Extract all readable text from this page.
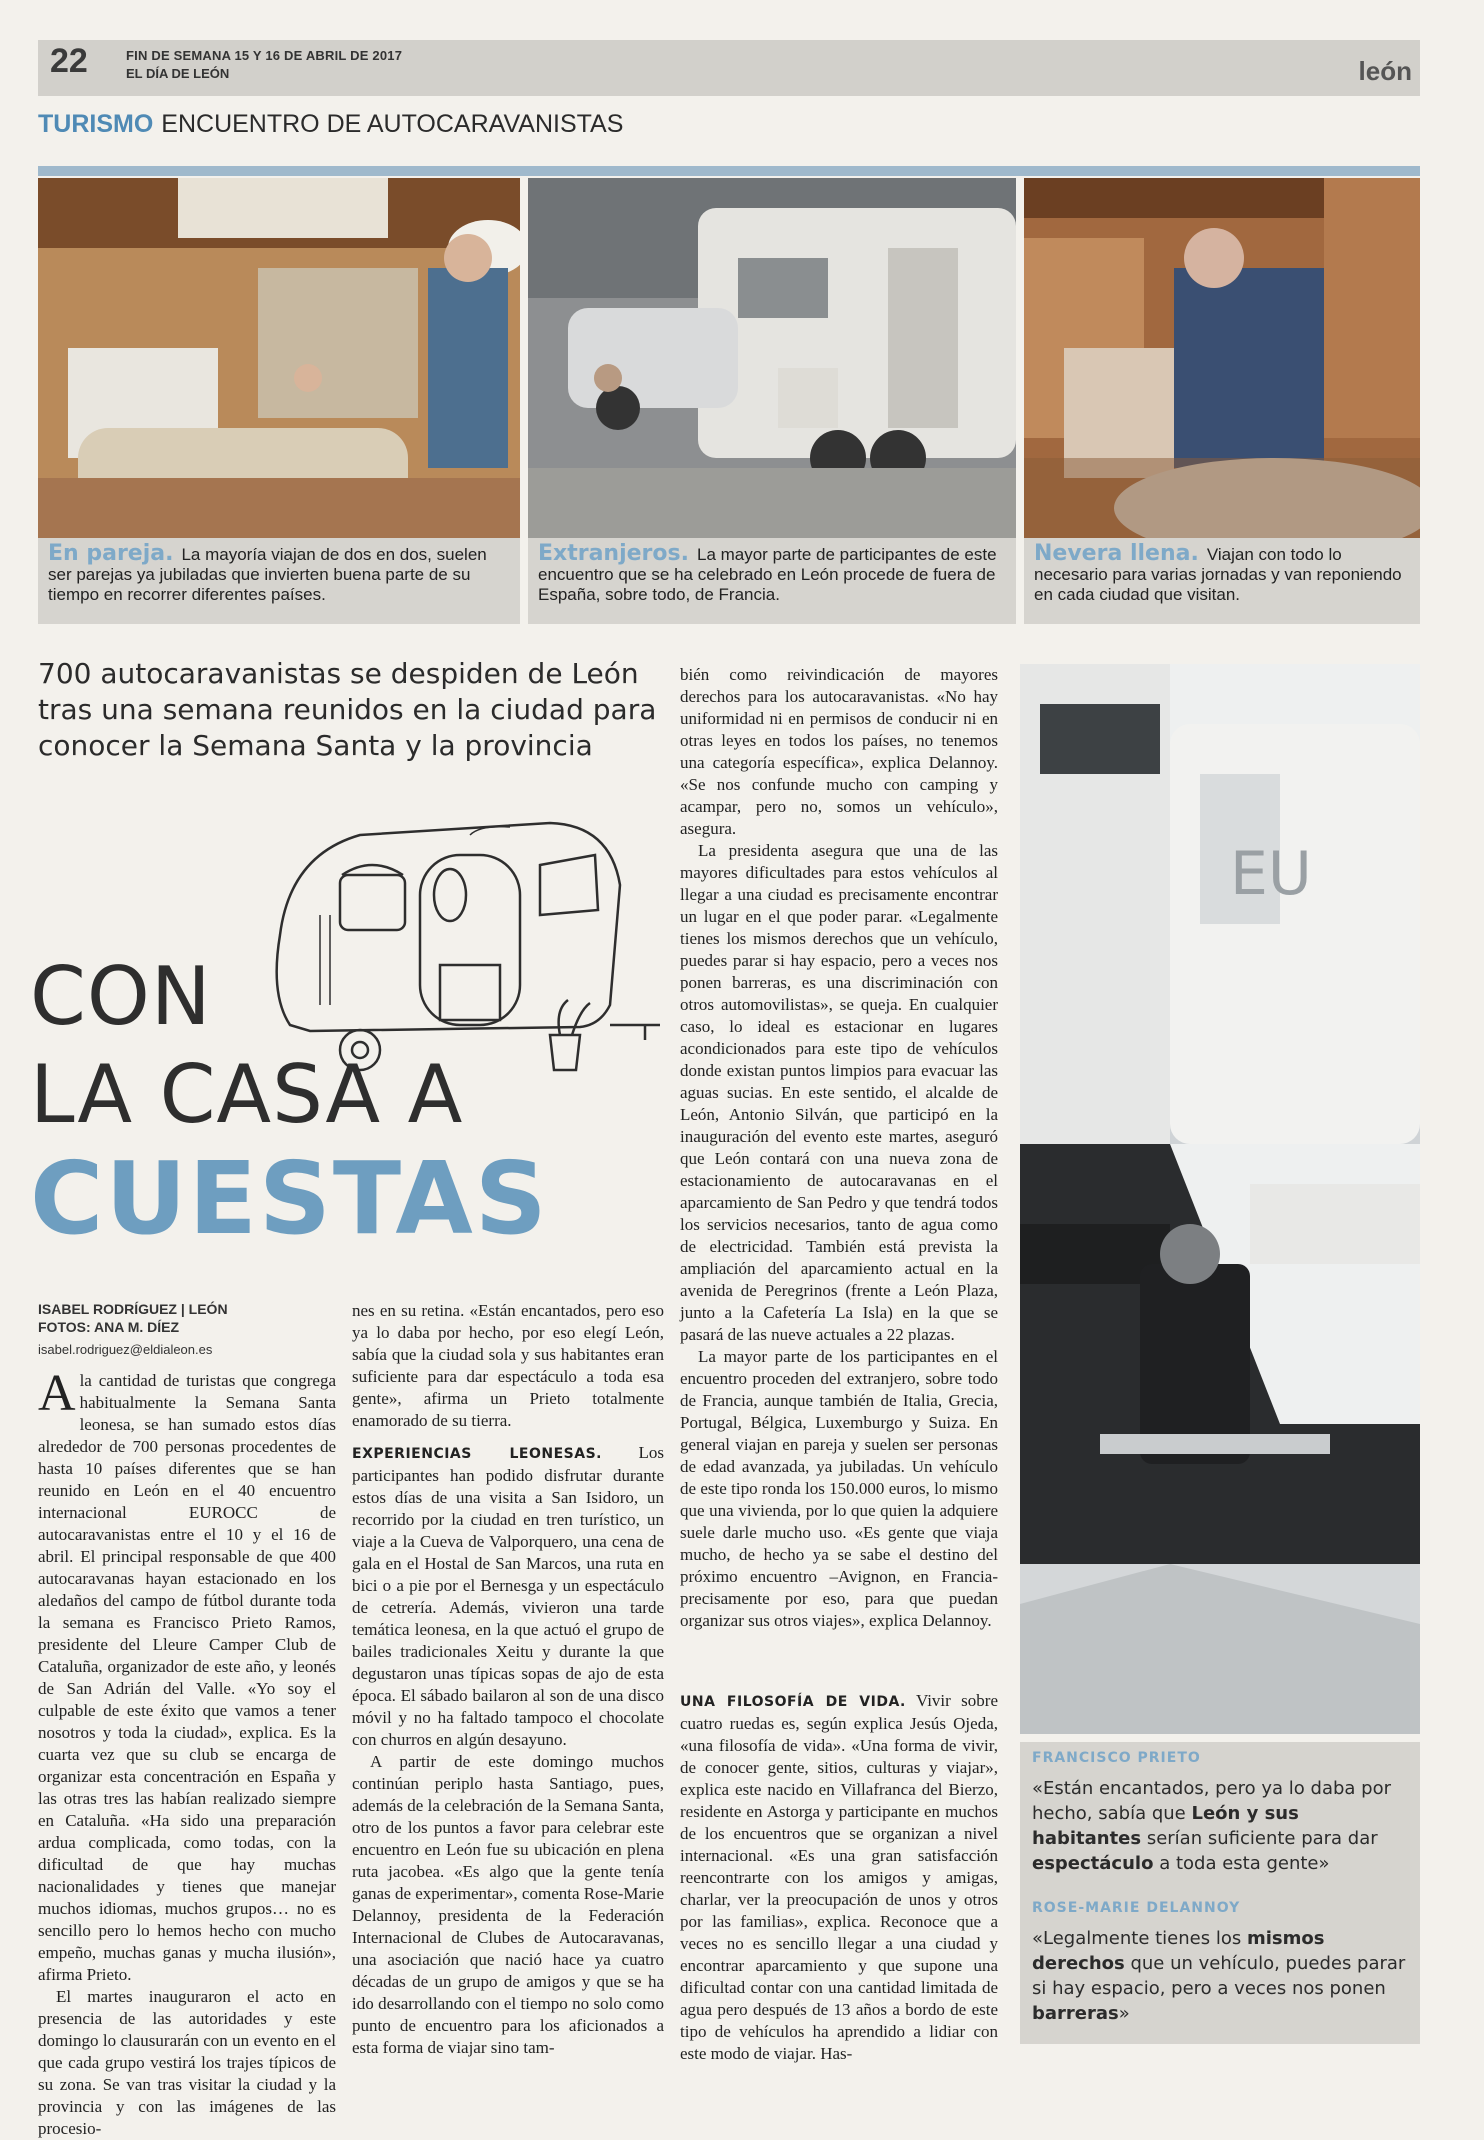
22	FIN DE SEMANA 15 Y 16 DE ABRIL DE 2017
EL DÍA DE LEÓN	león
TURISMO ENCUENTRO DE AUTOCARAVANISTAS
En pareja. La mayoría viajan de dos en dos, suelen ser parejas ya jubiladas que invierten buena parte de su tiempo en recorrer diferentes países.
Extranjeros. La mayor parte de participantes de este encuentro que se ha celebrado en León procede de fuera de España, sobre todo, de Francia.
Nevera llena. Viajan con todo lo necesario para varias jornadas y van reponiendo en cada ciudad que visitan.
700 autocaravanistas se despiden de León tras una semana reunidos en la ciudad para conocer la Semana Santa y la provincia
CON
LA CASA A
CUESTAS
ISABEL RODRÍGUEZ | LEÓN
FOTOS: ANA M. DÍEZ
isabel.rodriguez@eldialeon.es

Ala cantidad de turistas que congrega habitualmente la Semana Santa leonesa, se han sumado estos días alrededor de 700 personas procedentes de hasta 10 países diferentes que se han reunido en León en el 40 encuentro internacional EUROCC de autocaravanistas entre el 10 y el 16 de abril. El principal responsable de que 400 autocaravanas hayan estacionado en los aledaños del campo de fútbol durante toda la semana es Francisco Prieto Ramos, presidente del Lleure Camper Club de Cataluña, organizador de este año, y leonés de San Adrián del Valle. «Yo soy el culpable de este éxito que vamos a tener nosotros y toda la ciudad», explica. Es la cuarta vez que su club se encarga de organizar esta concentración en España y las otras tres las habían realizado siempre en Cataluña. «Ha sido una preparación ardua complicada, como todas, con la dificultad de que hay muchas nacionalidades y tienes que manejar muchos idiomas, muchos grupos… no es sencillo pero lo hemos hecho con mucho empeño, muchas ganas y mucha ilusión», afirma Prieto.

El martes inauguraron el acto en presencia de las autoridades y este domingo lo clausurarán con un evento en el que cada grupo vestirá los trajes típicos de su zona. Se van tras visitar la ciudad y la provincia y con las imágenes de las procesio-

nes en su retina. «Están encantados, pero eso ya lo daba por hecho, por eso elegí León, sabía que la ciudad sola y sus habitantes eran suficiente para dar espectáculo a toda esa gente», afirma un Prieto totalmente enamorado de su tierra.

EXPERIENCIAS LEONESAS. Los participantes han podido disfrutar durante estos días de una visita a San Isidoro, un recorrido por la ciudad en tren turístico, un viaje a la Cueva de Valporquero, una cena de gala en el Hostal de San Marcos, una ruta en bici o a pie por el Bernesga y un espectáculo de cetrería. Además, vivieron una tarde temática leonesa, en la que actuó el grupo de bailes tradicionales Xeitu y durante la que degustaron unas típicas sopas de ajo de esta época. El sábado bailaron al son de una disco móvil y no ha faltado tampoco el chocolate con churros en algún desayuno.

A partir de este domingo muchos continúan periplo hasta Santiago, pues, además de la celebración de la Semana Santa, otro de los puntos a favor para celebrar este encuentro en León fue su ubicación en plena ruta jacobea. «Es algo que la gente tenía ganas de experimentar», comenta Rose-Marie Delannoy, presidenta de la Federación Internacional de Clubes de Autocaravanas, una asociación que nació hace ya cuatro décadas de un grupo de amigos y que se ha ido desarrollando con el tiempo no solo como punto de encuentro para los aficionados a esta forma de viajar sino tam-

bién como reivindicación de mayores derechos para los autocaravanistas. «No hay uniformidad ni en permisos de conducir ni en otras leyes en todos los países, no tenemos una categoría específica», explica Delannoy. «Se nos confunde mucho con camping y acampar, pero no, somos un vehículo», asegura.

La presidenta asegura que una de las mayores dificultades para estos vehículos al llegar a una ciudad es precisamente encontrar un lugar en el que poder parar. «Legalmente tienes los mismos derechos que un vehículo, puedes parar si hay espacio, pero a veces nos ponen barreras, es una discriminación con otros automovilistas», se queja. En cualquier caso, lo ideal es estacionar en lugares acondicionados para este tipo de vehículos donde existan puntos limpios para evacuar las aguas sucias. En este sentido, el alcalde de León, Antonio Silván, que participó en la inauguración del evento este martes, aseguró que León contará con una nueva zona de estacionamiento de autocaravanas en el aparcamiento de San Pedro y que tendrá todos los servicios necesarios, tanto de agua como de electricidad. También está prevista la ampliación del aparcamiento actual en la avenida de Peregrinos (frente a León Plaza, junto a la Cafetería La Isla) en la que se pasará de las nueve actuales a 22 plazas.

La mayor parte de los participantes en el encuentro proceden del extranjero, sobre todo de Francia, aunque también de Italia, Grecia, Portugal, Bélgica, Luxemburgo y Suiza. En general viajan en pareja y suelen ser personas de edad avanzada, ya jubiladas. Un vehículo de este tipo ronda los 150.000 euros, lo mismo que una vivienda, por lo que quien la adquiere suele darle mucho uso. «Es gente que viaja mucho, de hecho ya se sabe el destino del próximo encuentro –Avignon, en Francia- precisamente por eso, para que puedan organizar sus otros viajes», explica Delannoy.

UNA FILOSOFÍA DE VIDA. Vivir sobre cuatro ruedas es, según explica Jesús Ojeda, «una filosofía de vida». «Una forma de vivir, de conocer gente, sitios, culturas y viajar», explica este nacido en Villafranca del Bierzo, residente en Astorga y participante en muchos de los encuentros que se organizan a nivel internacional. «Es una gran satisfacción reencontrarte con los amigos y amigas, charlar, ver la preocupación de unos y otros por las familias», explica. Reconoce que a veces no es sencillo llegar a una ciudad y encontrar aparcamiento y que supone una dificultad contar con una cantidad limitada de agua pero después de 13 años a bordo de este tipo de vehículos ha aprendido a lidiar con este modo de viajar. Has-

EU
FRANCISCO PRIETO
«Están encantados, pero ya lo daba por hecho, sabía que León y sus habitantes serían suficiente para dar espectáculo a toda esta gente»
ROSE-MARIE DELANNOY
«Legalmente tienes los mismos derechos que un vehículo, puedes parar si hay espacio, pero a veces nos ponen barreras»
